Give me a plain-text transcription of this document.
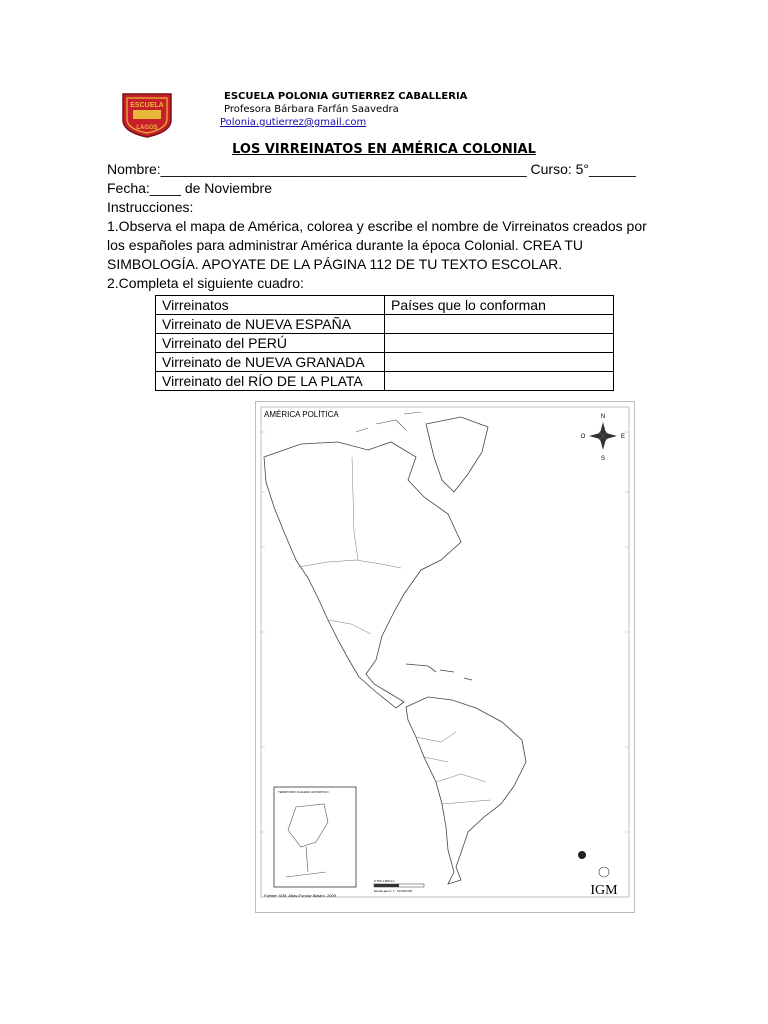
ESCUELA
LAGOS
ESCUELA POLONIA GUTIERREZ CABALLERIA
Profesora Bárbara Farfán Saavedra
Polonia.gutierrez@gmail.com
LOS VIRREINATOS EN AMÉRICA COLONIAL

Nombre:_______________________________________________ Curso: 5°______

Fecha:____ de Noviembre

Instrucciones:

1.Observa el mapa de América, colorea y escribe el nombre de Virreinatos creados por los españoles para administrar América durante la época Colonial. CREA TU SIMBOLOGÍA. APOYATE DE LA PÁGINA 112 DE TU TEXTO ESCOLAR.

2.Completa el siguiente cuadro:

Virreinatos	Países que lo conforman
Virreinato de NUEVA ESPAÑA	
Virreinato del PERÚ	
Virreinato de NUEVA GRANADA	
Virreinato del RÍO DE LA PLATA	
N
S
E
O
TERRITORIO CHILENO ANTÁRTICO
0 750 1.500 km
Escala aprox. 1 : 60.000.000	IGM
AMÉRICA POLÍTICA
Fuente: IGM, Atlas Escolar Básico, 2009
